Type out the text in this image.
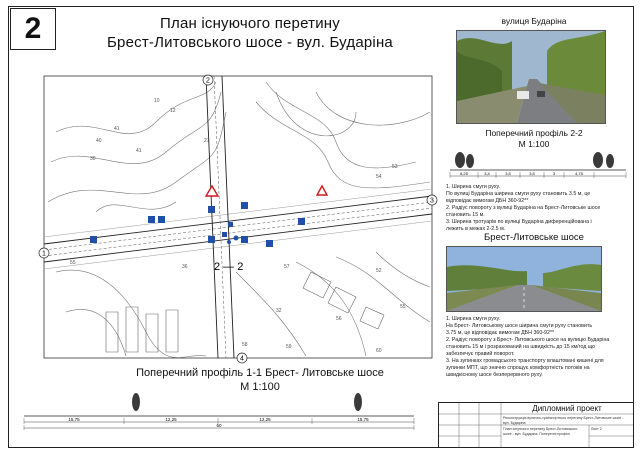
2	План існуючого перетину
Брест-Литовського шосе - вул. Бударіна
1
3
2
4
2 — 2
10
12
41
40
41
30
27
53
54
55
36	57
56
52
32
58	59
55
60
вулиця Бударіна
Поперечний профіль 2-2
М 1:100
6,25	3,4	3,5	3,5	3	4,75
1. Ширина смуги руху.
По вулиці Бударіна ширина смуги руху становить 3.5 м, це
відповідає вимогам ДБН 360-92**
2. Радіус повороту з вулиці Бударіна на Брест-Литовське шосе
становить 15 м.
3. Ширина тротуарів по вулиці Бударіна диференційована і
лежить в межах 2-2.5 м.
Брест-Литовське шосе
1. Ширина смуги руху.
На Брест- Литовському шосе ширина смуги руху становить
3.75 м, це відповідає вимогам ДБН 360-92**
2. Радіус повороту з Брест- Литовського шосе на вулицю Бударіна
становить 15 м і розрахований на швидкість до 15 км/год що
забезпечує правий поворот.
3. На зупинках громадського транспорту влаштовані кишені для
зупинки МПТ, що значно спрощує комфортність потоків на
швидкісному шосе безперервного руху.
Поперечний профіль 1-1 Брест- Литовське шосе
М 1:100
15,75	12,25	12,25	15,75
60
Дипломний проект
Реконструкція вулично-транспортного перетину Брест-Литовське шосе - вул. Бударіна
Лист 2
План існуючого перетину Брест-Литовського шосе - вул. Бударіна. Поперечні профілі
